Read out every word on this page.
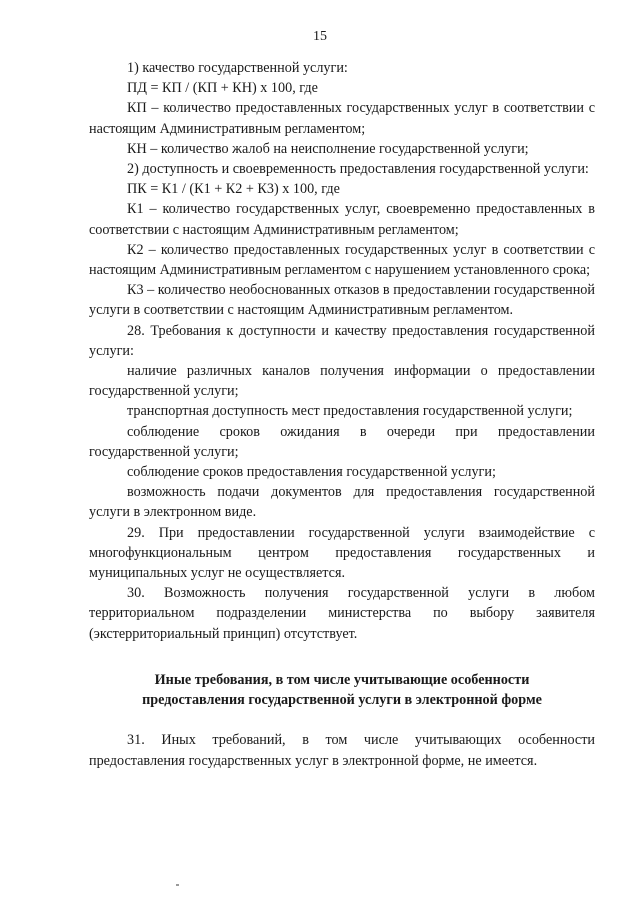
15

1) качество государственной услуги:

ПД = КП / (КП + КН) х 100, где

КП – количество предоставленных государственных услуг в соответствии с настоящим Административным регламентом;

КН – количество жалоб на неисполнение государственной услуги;

2) доступность и своевременность предоставления государственной услуги:

ПК = К1 / (К1 + К2 + К3) х 100, где

К1 – количество государственных услуг, своевременно предоставленных в соответствии с настоящим Административным регламентом;

К2 – количество предоставленных государственных услуг в соответствии с настоящим Административным регламентом с нарушением установленного срока;

К3 – количество необоснованных отказов в предоставлении государственной услуги в соответствии с настоящим Административным регламентом.

28. Требования к доступности и качеству предоставления государственной услуги:

наличие различных каналов получения информации о предоставлении государственной услуги;

транспортная доступность мест предоставления государственной услуги;

соблюдение сроков ожидания в очереди при предоставлении государственной услуги;

соблюдение сроков предоставления государственной услуги;

возможность подачи документов для предоставления государственной услуги в электронном виде.

29. При предоставлении государственной услуги взаимодействие с многофункциональным центром предоставления государственных и муниципальных услуг не осуществляется.

30. Возможность получения государственной услуги в любом территориальном подразделении министерства по выбору заявителя (экстерриториальный принцип) отсутствует.

Иные требования, в том числе учитывающие особенности
предоставления государственной услуги в электронной форме

31. Иных требований, в том числе учитывающих особенности предоставления государственных услуг в электронной форме, не имеется.
